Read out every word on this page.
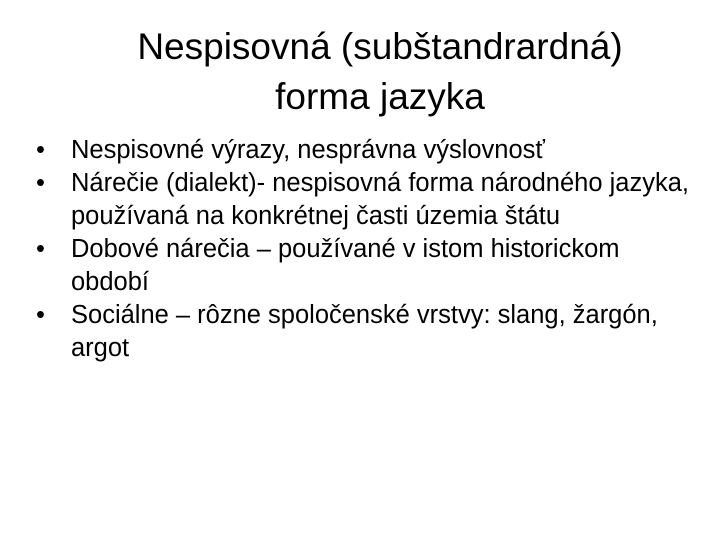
Nespisovná (subštandrardná)
forma jazyka
•	Nespisovné výrazy, nesprávna výslovnosť
•	Nárečie (dialekt)- nespisovná forma národného jazyka, používaná na konkrétnej časti územia štátu
•	Dobové nárečia – používané v istom historickom období
•	Sociálne – rôzne spoločenské vrstvy: slang, žargón, argot
